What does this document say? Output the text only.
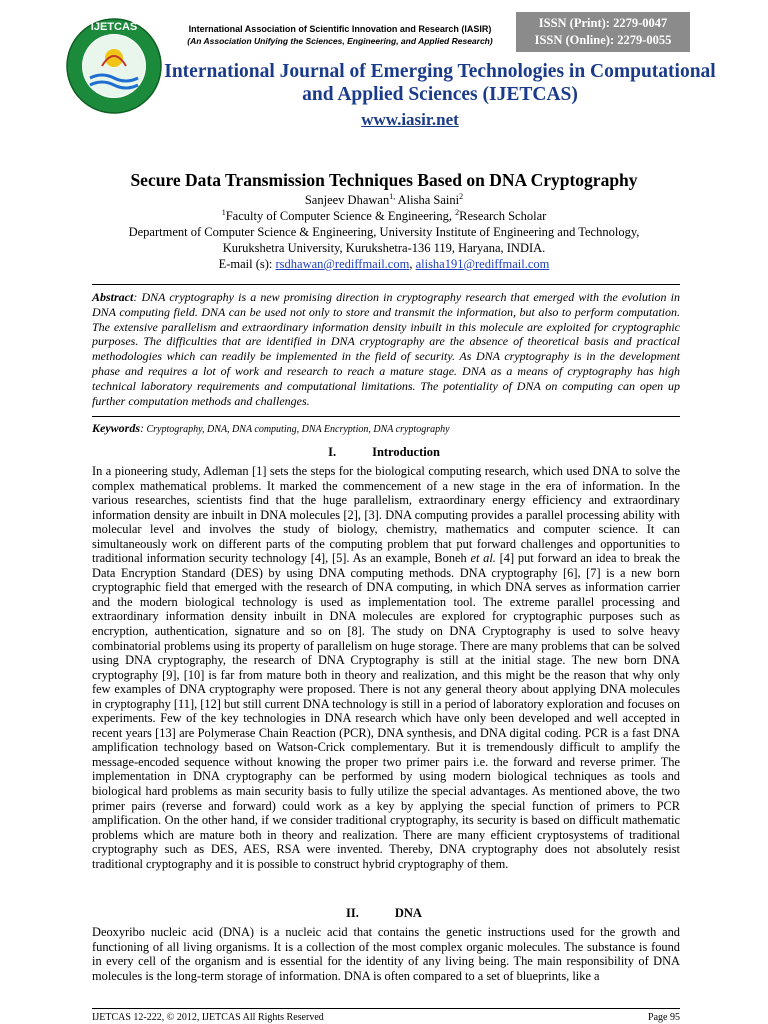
IJETCAS	International Association of Scientific Innovation and Research (IASIR)
(An Association Unifying the Sciences, Engineering, and Applied Research)
ISSN (Print): 2279-0047
ISSN (Online): 2279-0055
International Journal of Emerging Technologies in Computational
and Applied Sciences (IJETCAS)
www.iasir.net
Secure Data Transmission Techniques Based on DNA Cryptography
Sanjeev Dhawan$^{1,}$ Alisha Saini$^2$
$^1$Faculty of Computer Science & Engineering, $^2$Research Scholar
Department of Computer Science & Engineering, University Institute of Engineering and Technology,
Kurukshetra University, Kurukshetra-136 119, Haryana, INDIA.
E-mail (s): rsdhawan@rediffmail.com, alisha191@rediffmail.com
Abstract: DNA cryptography is a new promising direction in cryptography research that emerged with the evolution in DNA computing field. DNA can be used not only to store and transmit the information, but also to perform computation. The extensive parallelism and extraordinary information density inbuilt in this molecule are exploited for cryptographic purposes. The difficulties that are identified in DNA cryptography are the absence of theoretical basis and practical methodologies which can readily be implemented in the field of security. As DNA cryptography is in the development phase and requires a lot of work and research to reach a mature stage. DNA as a means of cryptography has high technical laboratory requirements and computational limitations. The potentiality of DNA on computing can open up further computation methods and challenges.
Keywords: Cryptography, DNA, DNA computing, DNA Encryption, DNA cryptography
I.	Introduction
In a pioneering study, Adleman [1] sets the steps for the biological computing research, which used DNA to solve the complex mathematical problems. It marked the commencement of a new stage in the era of information. In the various researches, scientists find that the huge parallelism, extraordinary energy efficiency and extraordinary information density are inbuilt in DNA molecules [2], [3]. DNA computing provides a parallel processing ability with molecular level and involves the study of biology, chemistry, mathematics and computer science. It can simultaneously work on different parts of the computing problem that put forward challenges and opportunities to traditional information security technology [4], [5]. As an example, Boneh et al. [4] put forward an idea to break the Data Encryption Standard (DES) by using DNA computing methods. DNA cryptography [6], [7] is a new born cryptographic field that emerged with the research of DNA computing, in which DNA serves as information carrier and the modern biological technology is used as implementation tool. The extreme parallel processing and extraordinary information density inbuilt in DNA molecules are explored for cryptographic purposes such as encryption, authentication, signature and so on [8]. The study on DNA Cryptography is used to solve heavy combinatorial problems using its property of parallelism on huge storage. There are many problems that can be solved using DNA cryptography, the research of DNA Cryptography is still at the initial stage. The new born DNA cryptography [9], [10] is far from mature both in theory and realization, and this might be the reason that why only few examples of DNA cryptography were proposed. There is not any general theory about applying DNA molecules in cryptography [11], [12] but still current DNA technology is still in a period of laboratory exploration and focuses on experiments. Few of the key technologies in DNA research which have only been developed and well accepted in recent years [13] are Polymerase Chain Reaction (PCR), DNA synthesis, and DNA digital coding. PCR is a fast DNA amplification technology based on Watson-Crick complementary. But it is tremendously difficult to amplify the message-encoded sequence without knowing the proper two primer pairs i.e. the forward and reverse primer. The implementation in DNA cryptography can be performed by using modern biological techniques as tools and biological hard problems as main security basis to fully utilize the special advantages. As mentioned above, the two primer pairs (reverse and forward) could work as a key by applying the special function of primers to PCR amplification. On the other hand, if we consider traditional cryptography, its security is based on difficult mathematic problems which are mature both in theory and realization. There are many efficient cryptosystems of traditional cryptography such as DES, AES, RSA were invented. Thereby, DNA cryptography does not absolutely resist traditional cryptography and it is possible to construct hybrid cryptography of them.
II.	DNA
Deoxyribo nucleic acid (DNA) is a nucleic acid that contains the genetic instructions used for the growth and functioning of all living organisms. It is a collection of the most complex organic molecules. The substance is found in every cell of the organism and is essential for the identity of any living being. The main responsibility of DNA molecules is the long-term storage of information. DNA is often compared to a set of blueprints, like a
IJETCAS 12-222, © 2012, IJETCAS All Rights Reserved	Page 95
